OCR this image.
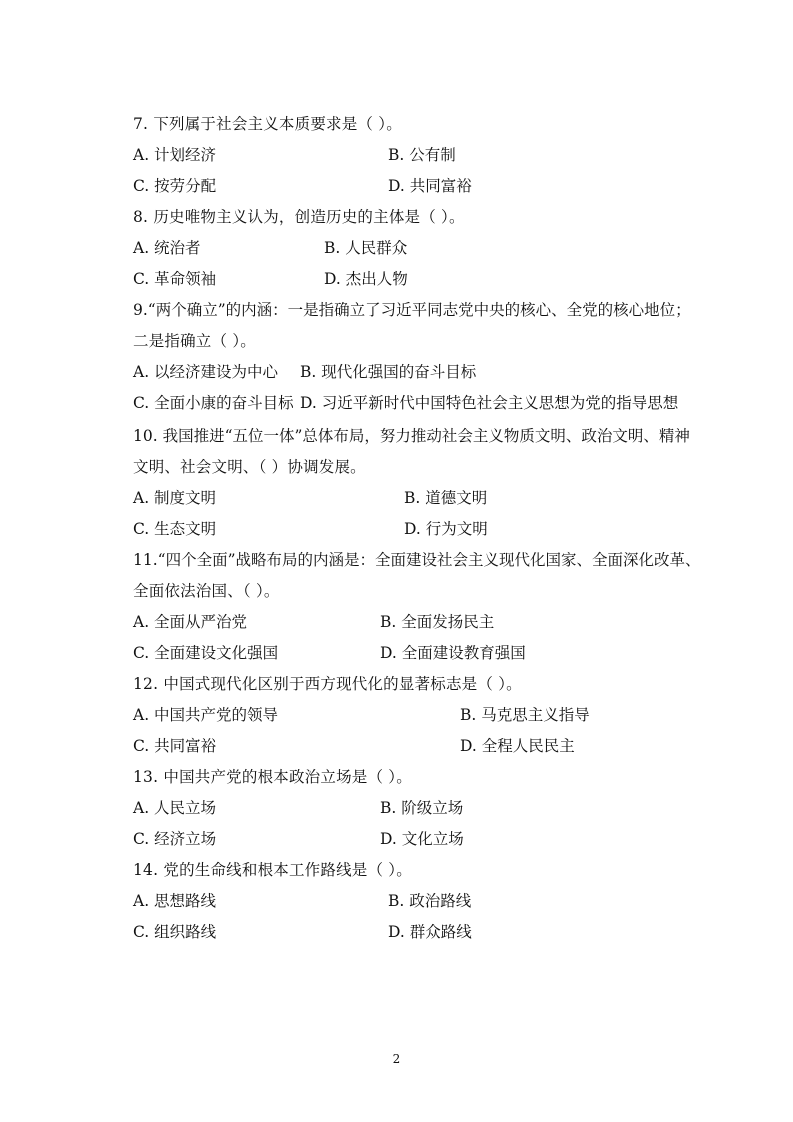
7. 下列属于社会主义本质要求是（ ）。
A. 计划经济	B. 公有制
C. 按劳分配	D. 共同富裕
8. 历史唯物主义认为，创造历史的主体是（ ）。
A. 统治者	B. 人民群众
C. 革命领袖	D. 杰出人物
9.“两个确立”的内涵：一是指确立了习近平同志党中央的核心、全党的核心地位；
二是指确立（ ）。
A. 以经济建设为中心 B. 现代化强国的奋斗目标
C. 全面小康的奋斗目标 D. 习近平新时代中国特色社会主义思想为党的指导思想
10. 我国推进“五位一体”总体布局，努力推动社会主义物质文明、政治文明、精神
文明、社会文明、（ ）协调发展。
A. 制度文明	B. 道德文明
C. 生态文明	D. 行为文明
11.“四个全面”战略布局的内涵是：全面建设社会主义现代化国家、全面深化改革、
全面依法治国、（ ）。
A. 全面从严治党	B. 全面发扬民主
C. 全面建设文化强国	D. 全面建设教育强国
12. 中国式现代化区别于西方现代化的显著标志是（ ）。
A. 中国共产党的领导	B. 马克思主义指导
C. 共同富裕	D. 全程人民民主
13. 中国共产党的根本政治立场是（ ）。
A. 人民立场	B. 阶级立场
C. 经济立场	D. 文化立场
14. 党的生命线和根本工作路线是（ ）。
A. 思想路线	B. 政治路线
C. 组织路线	D. 群众路线
2
